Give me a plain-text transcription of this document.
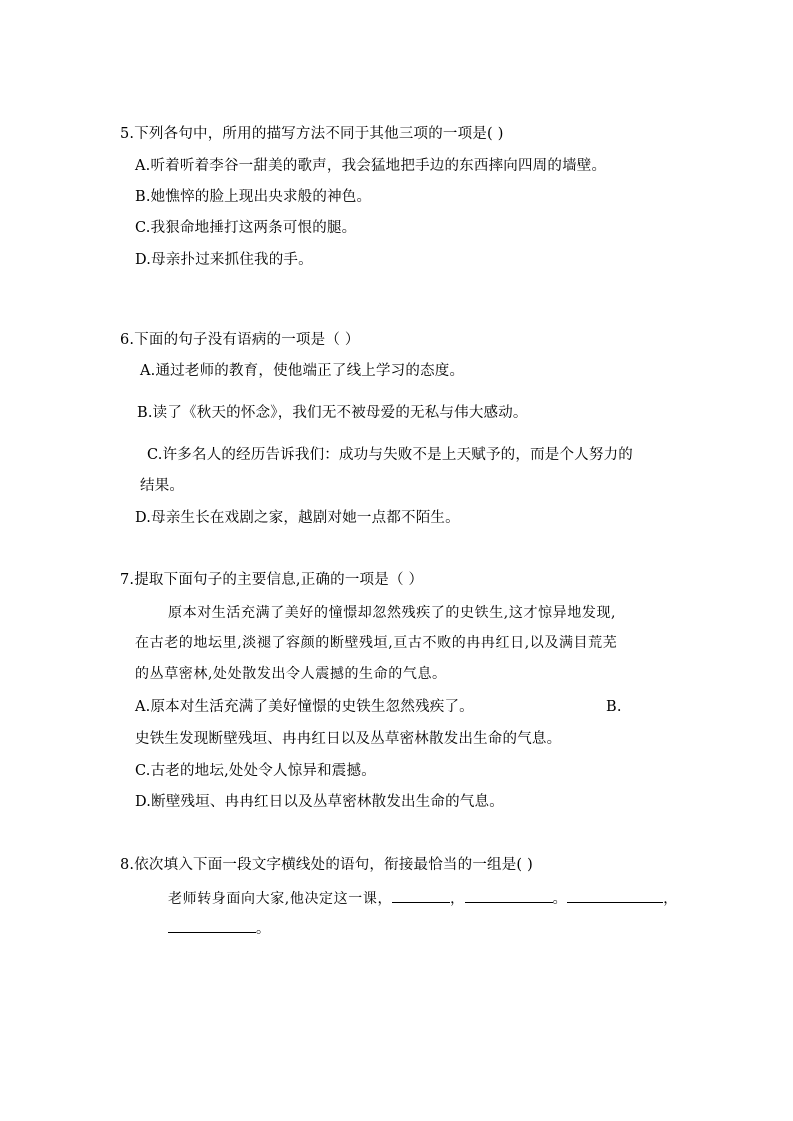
5.下列各句中，所用的描写方法不同于其他三项的一项是( )
A.听着听着李谷一甜美的歌声，我会猛地把手边的东西摔向四周的墙壁。
B.她憔悴的脸上现出央求般的神色。
C.我狠命地捶打这两条可恨的腿。
D.母亲扑过来抓住我的手。
6.下面的句子没有语病的一项是（ ）
A.通过老师的教育，使他端正了线上学习的态度。
B.读了《秋天的怀念》，我们无不被母爱的无私与伟大感动。
C.许多名人的经历告诉我们：成功与失败不是上天赋予的，而是个人努力的
结果。
D.母亲生长在戏剧之家，越剧对她一点都不陌生。
7.提取下面句子的主要信息,正确的一项是（ ）
原本对生活充满了美好的憧憬却忽然残疾了的史铁生,这才惊异地发现,
在古老的地坛里,淡褪了容颜的断壁残垣,亘古不败的冉冉红日,以及满目荒芜
的丛草密林,处处散发出令人震撼的生命的气息。
A.原本对生活充满了美好憧憬的史铁生忽然残疾了。	B.
史铁生发现断壁残垣、冉冉红日以及丛草密林散发出生命的气息。
C.古老的地坛,处处令人惊异和震撼。
D.断壁残垣、冉冉红日以及丛草密林散发出生命的气息。
8.依次填入下面一段文字横线处的语句，衔接最恰当的一组是( )
老师转身面向大家,他决定这一课，	，	。	，
。
